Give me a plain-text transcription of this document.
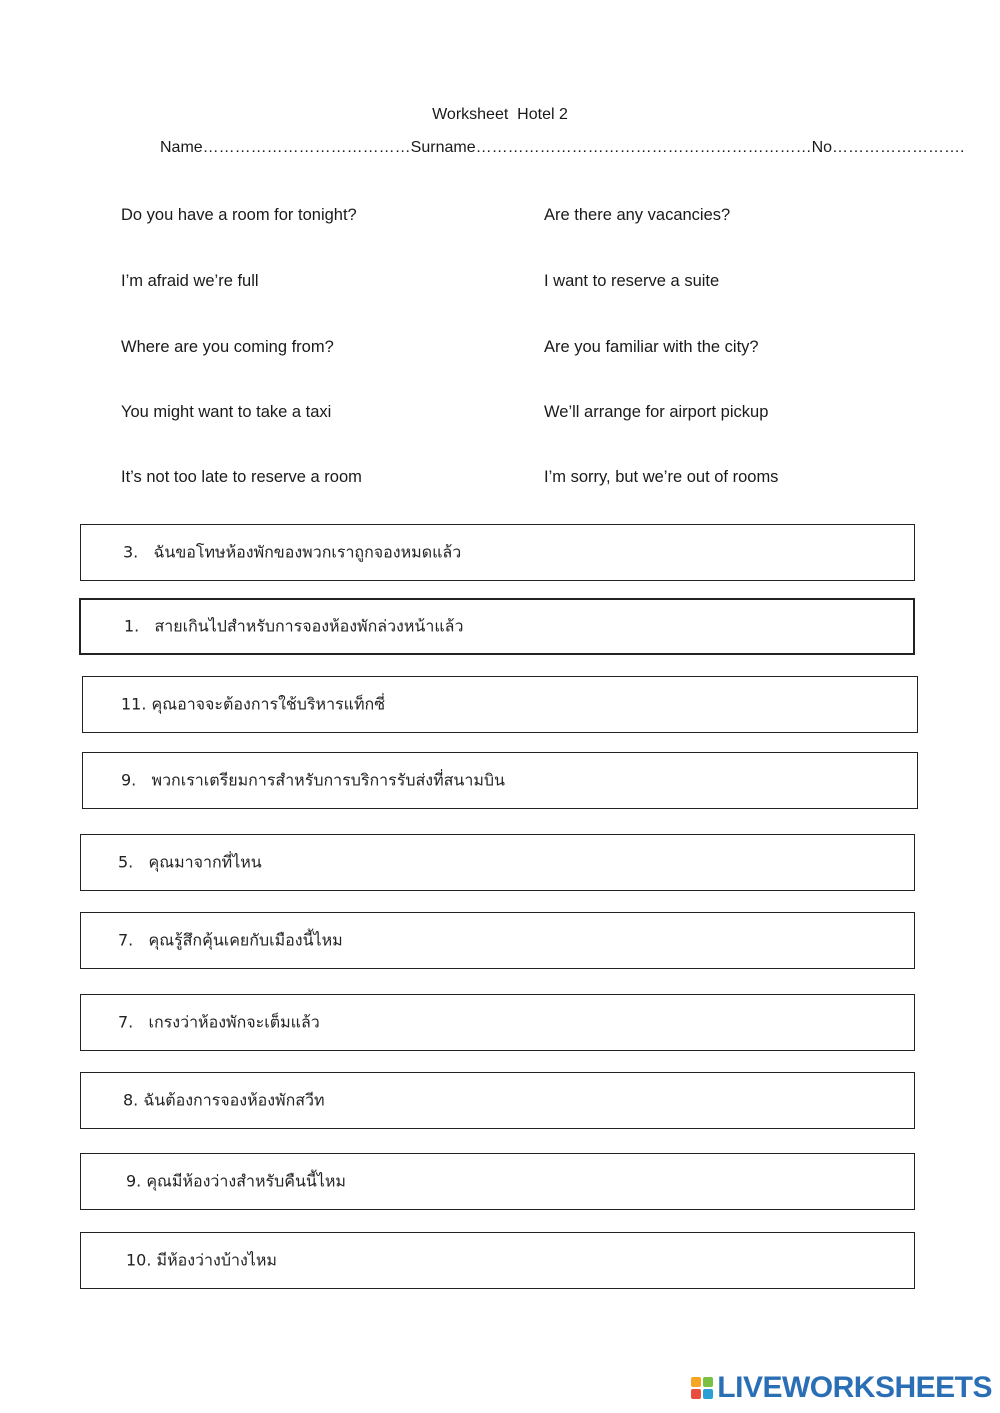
Worksheet  Hotel 2
Name…………………………………Surname………………………………………………………No…………………….
Do you have a room for tonight?
I’m afraid we’re full
Where are you coming from?
You might want to take a taxi
It’s not too late to reserve a room
Are there any vacancies?
I want to reserve a suite
Are you familiar with the city?
We’ll arrange for airport pickup
I’m sorry, but we’re out of rooms
3.   ฉันขอโทษห้องพักของพวกเราถูกจองหมดแล้ว
1.   สายเกินไปสำหรับการจองห้องพักล่วงหน้าแล้ว
11. คุณอาจจะต้องการใช้บริหารแท็กซี่
9.   พวกเราเตรียมการสำหรับการบริการรับส่งที่สนามบิน
5.   คุณมาจากที่ไหน
7.   คุณรู้สึกคุ้นเคยกับเมืองนี้ไหม
7.   เกรงว่าห้องพักจะเต็มแล้ว
8. ฉันต้องการจองห้องพักสวีท
9. คุณมีห้องว่างสำหรับคืนนี้ไหม
10. มีห้องว่างบ้างไหม
LIVEWORKSHEETS
